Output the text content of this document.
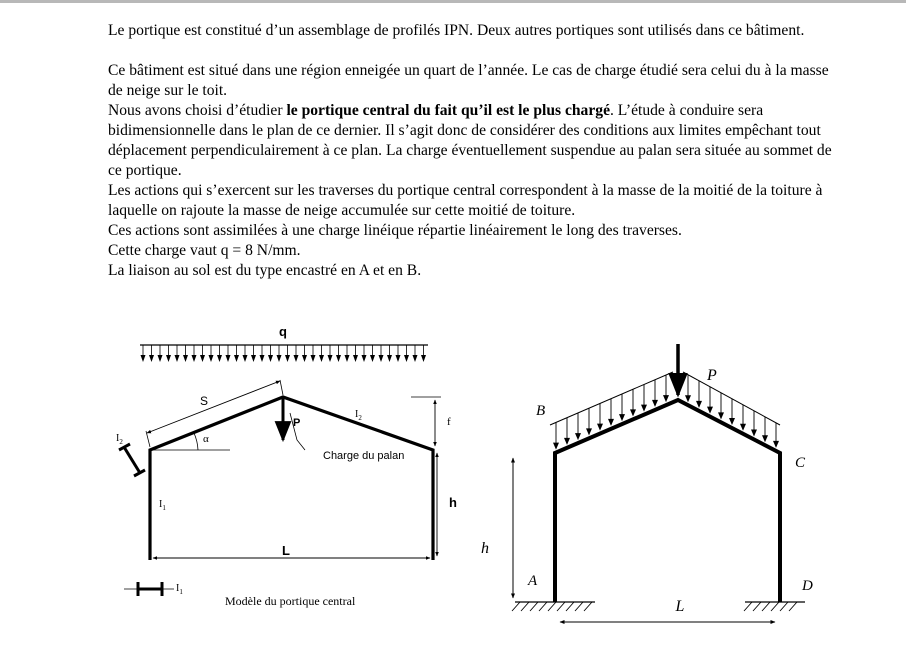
Le portique est constitué d’un assemblage de profilés IPN. Deux autres portiques sont utilisés dans ce bâtiment.

Ce bâtiment est situé dans une région enneigée un quart de l’année. Le cas de charge étudié sera celui du à la masse de neige sur le toit.

Nous avons choisi d’étudier le portique central du fait qu’il est le plus chargé. L’étude à conduire sera bidimensionnelle dans le plan de ce dernier. Il s’agit donc de considérer des conditions aux limites empêchant tout déplacement perpendiculairement à ce plan. La charge éventuellement suspendue au palan sera située au sommet de ce portique.

Les actions qui s’exercent sur les traverses du portique central correspondent à la masse de la moitié de la toiture à laquelle on rajoute la masse de neige accumulée sur cette moitié de toiture.

Ces actions sont assimilées à une charge linéique répartie linéairement le long des traverses.

Cette charge vaut q = 8 N/mm.

La liaison au sol est du type encastré en A et en B.

q
S
$I_2$	α
P
Charge du palan
$I_2$	f
h
$I_1$
L
$I_1$
Modèle du portique central
P
B
C
A	D
h
L
